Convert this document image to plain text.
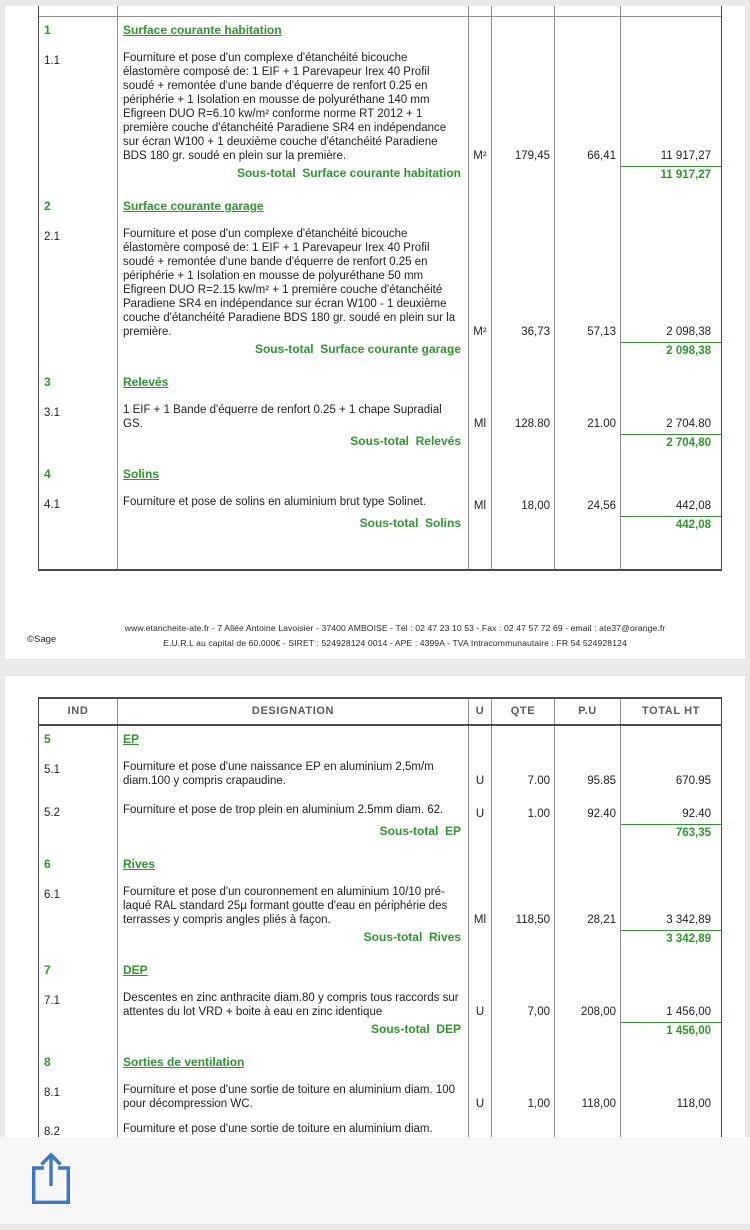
1	Surface courante habitation
1.1	Fourniture et pose d'un complexe d'étanchéité bicouche élastomère composé de: 1 EIF + 1 Parevapeur Irex 40 Profil soudé + remontée d'une bande d'équerre de renfort 0.25 en périphérie + 1 Isolation en mousse de polyuréthane 140 mm Efigreen DUO R=6.10 kw/m² conforme norme RT 2012 + 1 première couche d'étanchéité Paradiene SR4 en indépendance sur écran W100 + 1 deuxième couche d'étanchéité Paradiene BDS 180 gr. soudé en plein sur la première.	M² 179,45	66,41	11 917,27
Sous-total  Surface courante habitation	11 917,27
2	Surface courante garage
2.1	Fourniture et pose d'un complexe d'étanchéité bicouche élastomère composé de: 1 EIF + 1 Parevapeur Irex 40 Profil soudé + remontée d'une bande d'équerre de renfort 0.25 en périphérie + 1 Isolation en mousse de polyuréthane 50 mm Efigreen DUO R=2.15 kw/m² + 1 première couche d'étanchéité Paradiene SR4 en indépendance sur écran W100 - 1 deuxième couche d'étanchéité Paradiene BDS 180 gr. soudé en plein sur la première.	M²	36,73	57,13	2 098,38
Sous-total  Surface courante garage	2 098,38
3	Relevés
3.1	1 EIF + 1 Bande d'équerre de renfort 0.25 + 1 chape Supradial GS.	Ml	128.80	21.00	2 704.80
Sous-total  Relevés	2 704,80
4	Solins
4.1	Fourniture et pose de solins en aluminium brut type Solinet.	Ml	18,00	24,56	442,08
Sous-total  Solins	442,08
www.etancheite-ate.fr - 7 Allée Antoine Lavoisier - 37400 AMBOISE - Tél : 02 47 23 10 53 - Fax : 02 47 57 72 69 - email : ate37@orange.fr
©Sage	E.U.R.L au capital de 60.000€ - SIRET : 524928124 0014 - APE : 4399A - TVA Intracommunautaire : FR 54 524928124
IND	DESIGNATION	U	QTE	P.U	TOTAL HT
5	EP
5.1	Fourniture et pose d'une naissance EP en aluminium 2,5m/m diam.100 y compris crapaudine.	U	7.00	95.85	670.95
5.2	Fourniture et pose de trop plein en aluminium 2.5mm diam. 62.	U	1.00	92.40	92.40
Sous-total  EP	763,35
6	Rives
6.1	Fourniture et pose d'un couronnement en aluminium 10/10 pré-laqué RAL standard 25µ formant goutte d'eau en périphérie des terrasses y compris angles pliés à façon.	Ml	118,50	28,21	3 342,89
Sous-total  Rives	3 342,89
7	DEP
7.1	Descentes en zinc anthracite diam.80 y compris tous raccords sur attentes du lot VRD + boite à eau en zinc identique	U	7,00	208,00	1 456,00
Sous-total  DEP	1 456,00
8	Sorties de ventilation
8.1	Fourniture et pose d'une sortie de toiture en aluminium diam. 100 pour décompression WC.	U	1,00	118,00	118,00
8.2	Fourniture et pose d'une sortie de toiture en aluminium diam.
